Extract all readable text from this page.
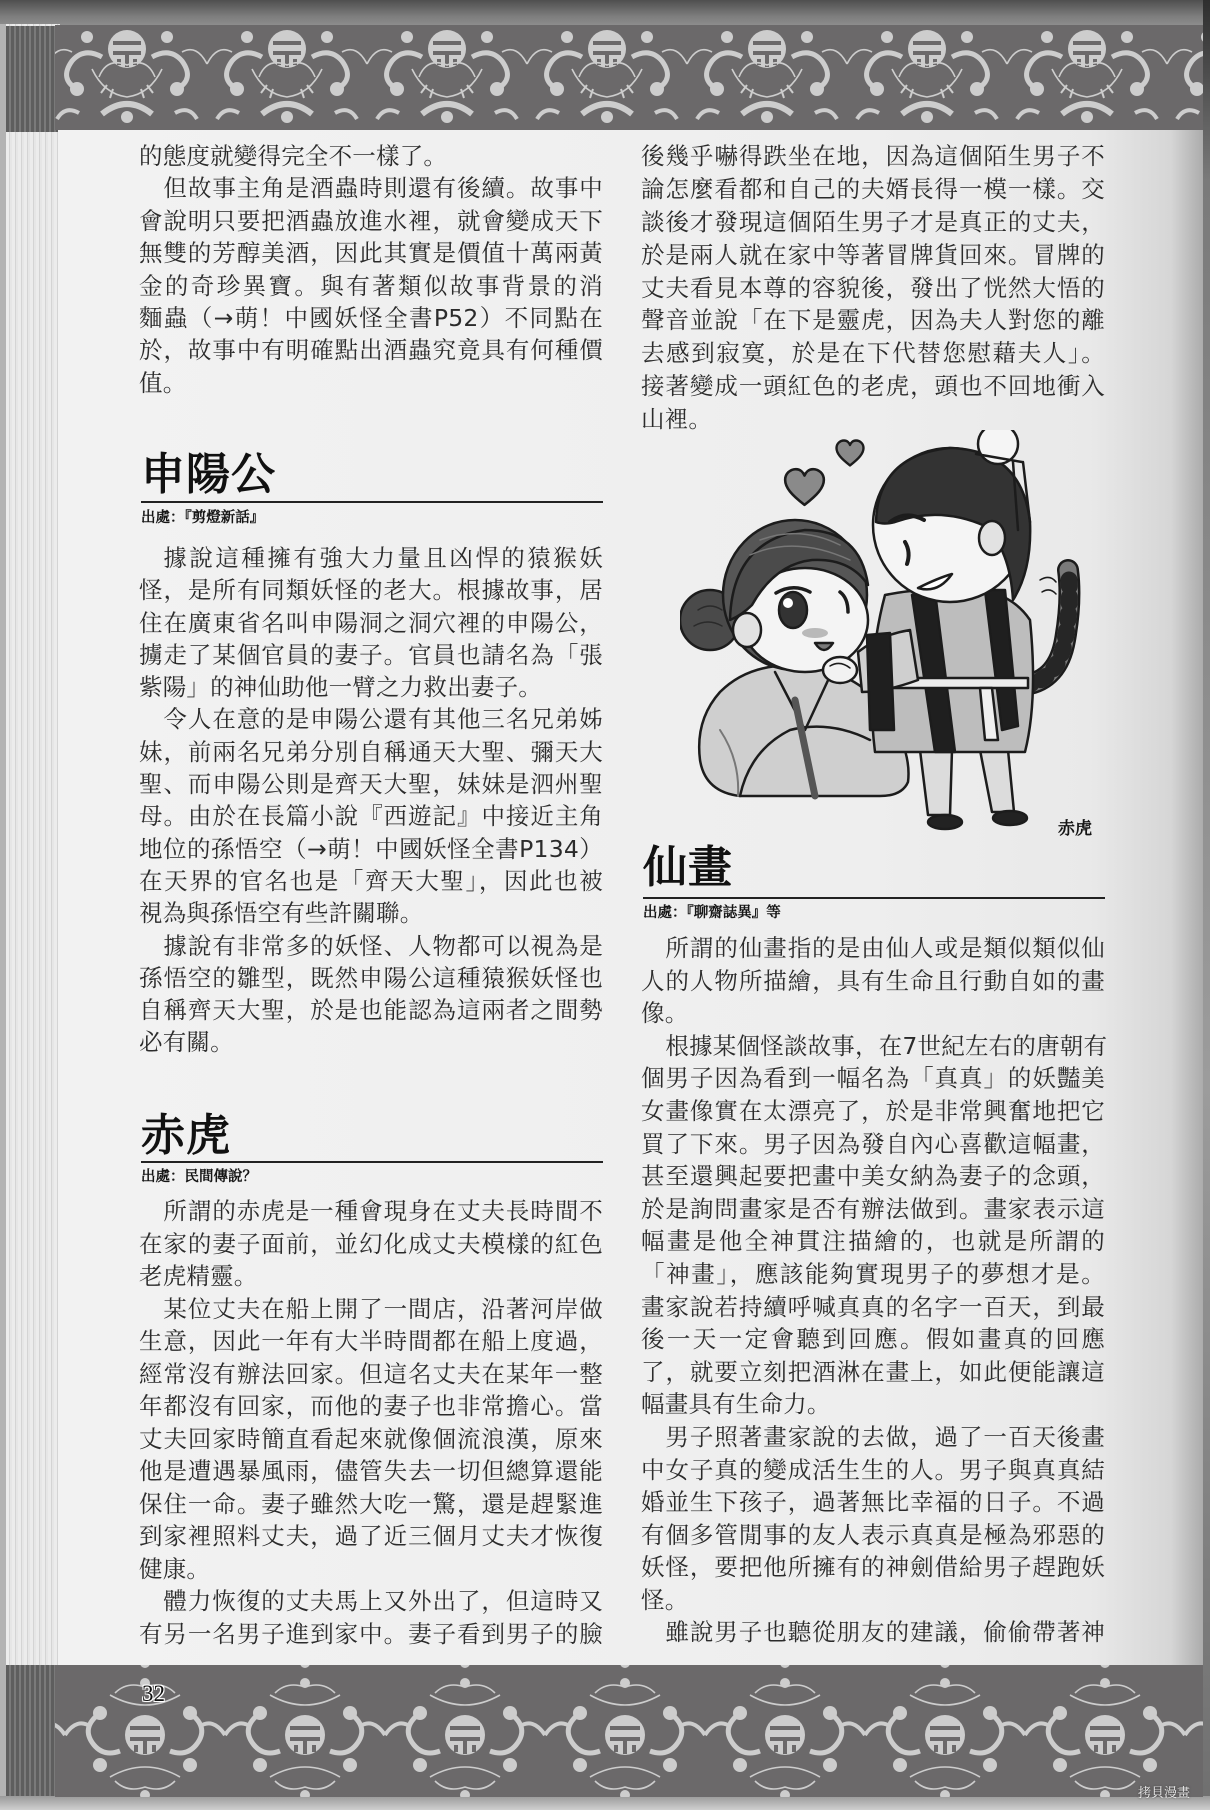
的態度就變得完全不一樣了。
但故事主角是酒蟲時則還有後續。故事中
會說明只要把酒蟲放進水裡，就會變成天下
無雙的芳醇美酒，因此其實是價值十萬兩黃
金的奇珍異寶。與有著類似故事背景的消
麵蟲（→萌！中國妖怪全書P52）不同點在
於，故事中有明確點出酒蟲究竟具有何種價
值。
申陽公
出處：『剪燈新話』
據說這種擁有強大力量且凶悍的猿猴妖
怪，是所有同類妖怪的老大。根據故事，居
住在廣東省名叫申陽洞之洞穴裡的申陽公，
擄走了某個官員的妻子。官員也請名為「張
紫陽」的神仙助他一臂之力救出妻子。
令人在意的是申陽公還有其他三名兄弟姊
妹，前兩名兄弟分別自稱通天大聖、彌天大
聖、而申陽公則是齊天大聖，妹妹是泗州聖
母。由於在長篇小說『西遊記』中接近主角
地位的孫悟空（→萌！中國妖怪全書P134）
在天界的官名也是「齊天大聖」，因此也被
視為與孫悟空有些許關聯。
據說有非常多的妖怪、人物都可以視為是
孫悟空的雛型，既然申陽公這種猿猴妖怪也
自稱齊天大聖，於是也能認為這兩者之間勢
必有關。
赤虎
出處：民間傳說？
所謂的赤虎是一種會現身在丈夫長時間不
在家的妻子面前，並幻化成丈夫模樣的紅色
老虎精靈。
某位丈夫在船上開了一間店，沿著河岸做
生意，因此一年有大半時間都在船上度過，
經常沒有辦法回家。但這名丈夫在某年一整
年都沒有回家，而他的妻子也非常擔心。當
丈夫回家時簡直看起來就像個流浪漢，原來
他是遭遇暴風雨，儘管失去一切但總算還能
保住一命。妻子雖然大吃一驚，還是趕緊進
到家裡照料丈夫，過了近三個月丈夫才恢復
健康。
體力恢復的丈夫馬上又外出了，但這時又
有另一名男子進到家中。妻子看到男子的臉
後幾乎嚇得跌坐在地，因為這個陌生男子不
論怎麼看都和自己的夫婿長得一模一樣。交
談後才發現這個陌生男子才是真正的丈夫，
於是兩人就在家中等著冒牌貨回來。冒牌的
丈夫看見本尊的容貌後，發出了恍然大悟的
聲音並說「在下是靈虎，因為夫人對您的離
去感到寂寞，於是在下代替您慰藉夫人」。
接著變成一頭紅色的老虎，頭也不回地衝入
山裡。
赤虎
仙畫
出處：『聊齋誌異』等
所謂的仙畫指的是由仙人或是類似類似仙
人的人物所描繪，具有生命且行動自如的畫
像。
根據某個怪談故事，在7世紀左右的唐朝有
個男子因為看到一幅名為「真真」的妖豔美
女畫像實在太漂亮了，於是非常興奮地把它
買了下來。男子因為發自內心喜歡這幅畫，
甚至還興起要把畫中美女納為妻子的念頭，
於是詢問畫家是否有辦法做到。畫家表示這
幅畫是他全神貫注描繪的，也就是所謂的
「神畫」，應該能夠實現男子的夢想才是。
畫家說若持續呼喊真真的名字一百天，到最
後一天一定會聽到回應。假如畫真的回應
了，就要立刻把酒淋在畫上，如此便能讓這
幅畫具有生命力。
男子照著畫家說的去做，過了一百天後畫
中女子真的變成活生生的人。男子與真真結
婚並生下孩子，過著無比幸福的日子。不過
有個多管閒事的友人表示真真是極為邪惡的
妖怪，要把他所擁有的神劍借給男子趕跑妖
怪。
雖說男子也聽從朋友的建議，偷偷帶著神
32
拷貝漫畫
